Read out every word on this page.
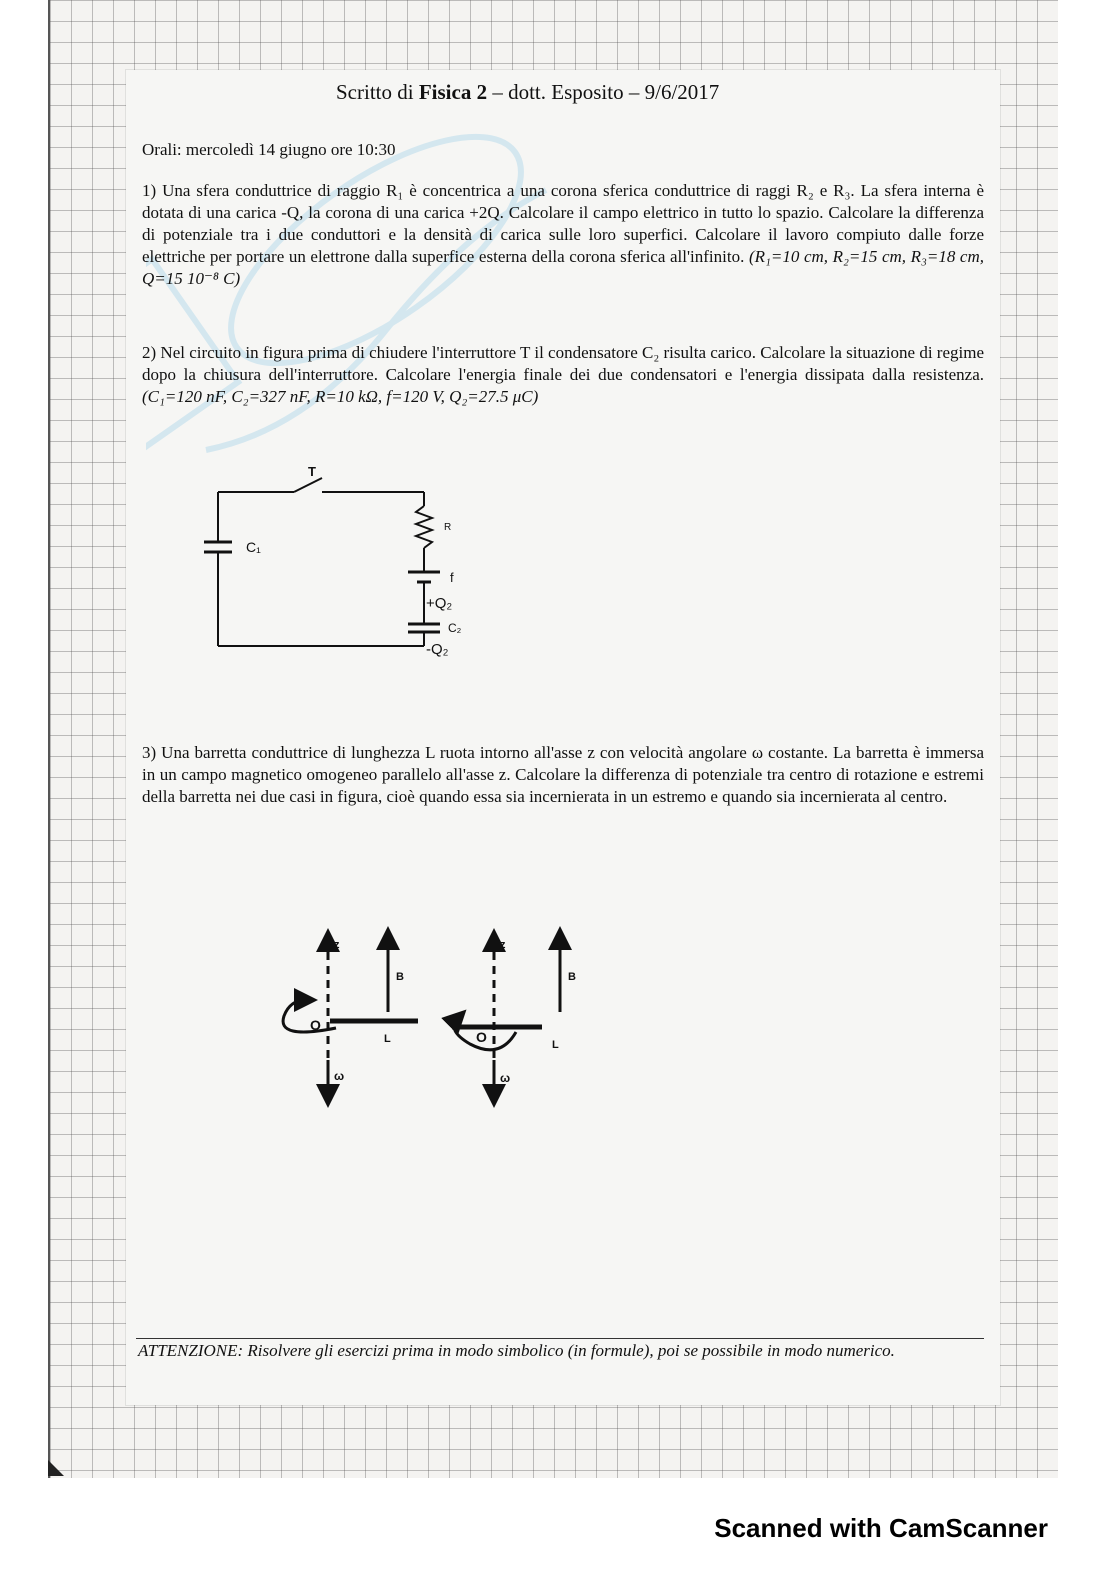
Scritto di Fisica 2 – dott. Esposito – 9/6/2017
Orali: mercoledì 14 giugno ore 10:30
1) Una sfera conduttrice di raggio R₁ è concentrica a una corona sferica conduttrice di raggi R₂ e R₃. La sfera interna è dotata di una carica -Q, la corona di una carica +2Q. Calcolare il campo elettrico in tutto lo spazio. Calcolare la differenza di potenziale tra i due conduttori e la densità di carica sulle loro superfici. Calcolare il lavoro compiuto dalle forze elettriche per portare un elettrone dalla superfice esterna della corona sferica all'infinito. (R₁=10 cm, R₂=15 cm, R₃=18 cm, Q=15 10⁻⁸ C)
2) Nel circuito in figura prima di chiudere l'interruttore T il condensatore C₂ risulta carico. Calcolare la situazione di regime dopo la chiusura dell'interruttore. Calcolare l'energia finale dei due condensatori e l'energia dissipata dalla resistenza. (C₁=120 nF, C₂=327 nF, R=10 kΩ, f=120 V, Q₂=27.5 μC)
T
C₁
R
f
+Q₂
C₂
-Q₂
3) Una barretta conduttrice di lunghezza L ruota intorno all'asse z con velocità angolare ω costante. La barretta è immersa in un campo magnetico omogeneo parallelo all'asse z. Calcolare la differenza di potenziale tra centro di rotazione e estremi della barretta nei due casi in figura, cioè quando essa sia incernierata in un estremo e quando sia incernierata al centro.
z
B
O
L
ω
z
B
O	L
ω
ATTENZIONE: Risolvere gli esercizi prima in modo simbolico (in formule), poi se possibile in modo numerico.
Scanned with CamScanner
